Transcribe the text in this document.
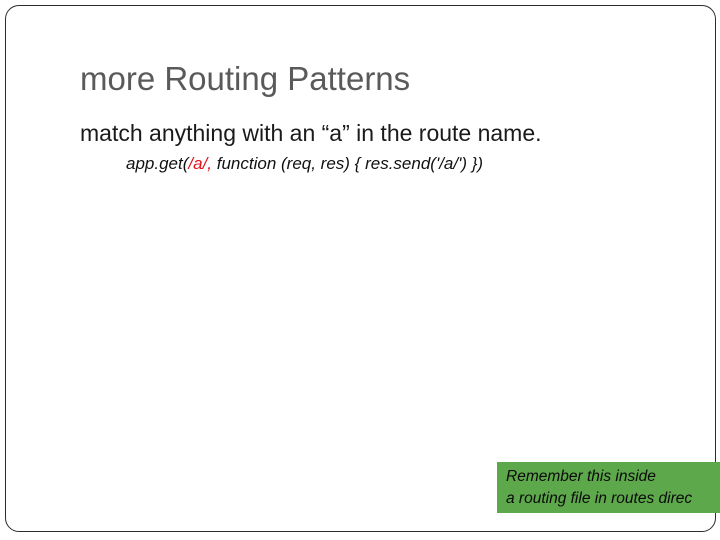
more Routing Patterns
match anything with an “a” in the route name.
app.get(/a/, function (req, res) { res.send('/a/') })
Remember this inside
a routing file in routes direc
